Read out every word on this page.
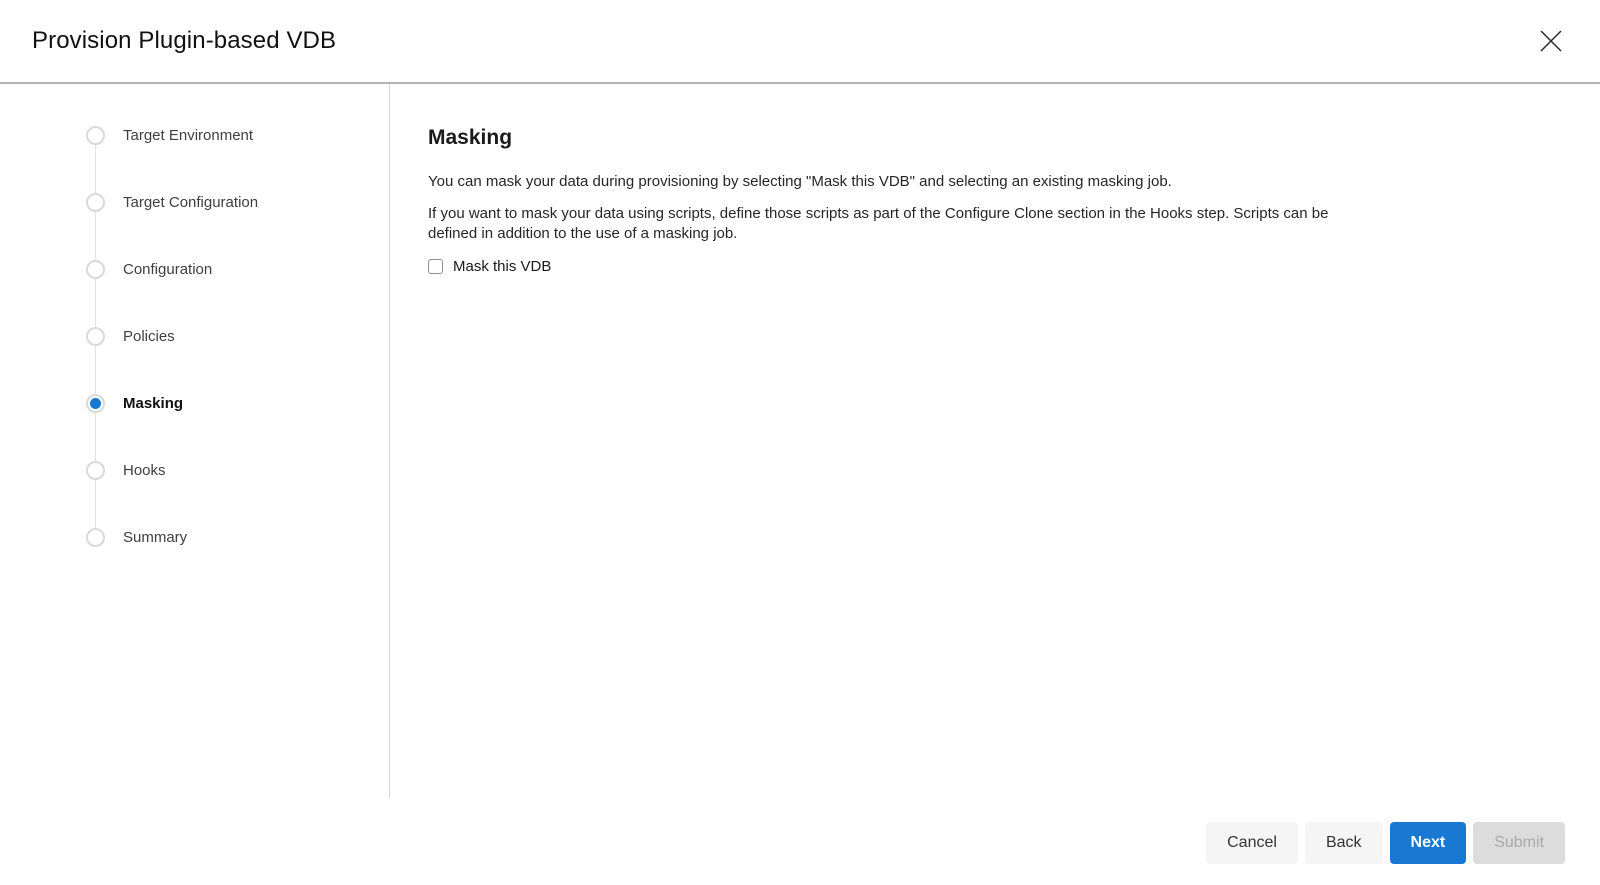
Provision Plugin-based VDB
Target Environment
Target Configuration
Configuration
Policies
Masking
Hooks
Summary
Masking

You can mask your data during provisioning by selecting "Mask this VDB" and selecting an existing masking job.

If you want to mask your data using scripts, define those scripts as part of the Configure Clone section in the Hooks step. Scripts can be defined in addition to the use of a masking job.

Mask this VDB
Cancel	Back	Next	Submit
